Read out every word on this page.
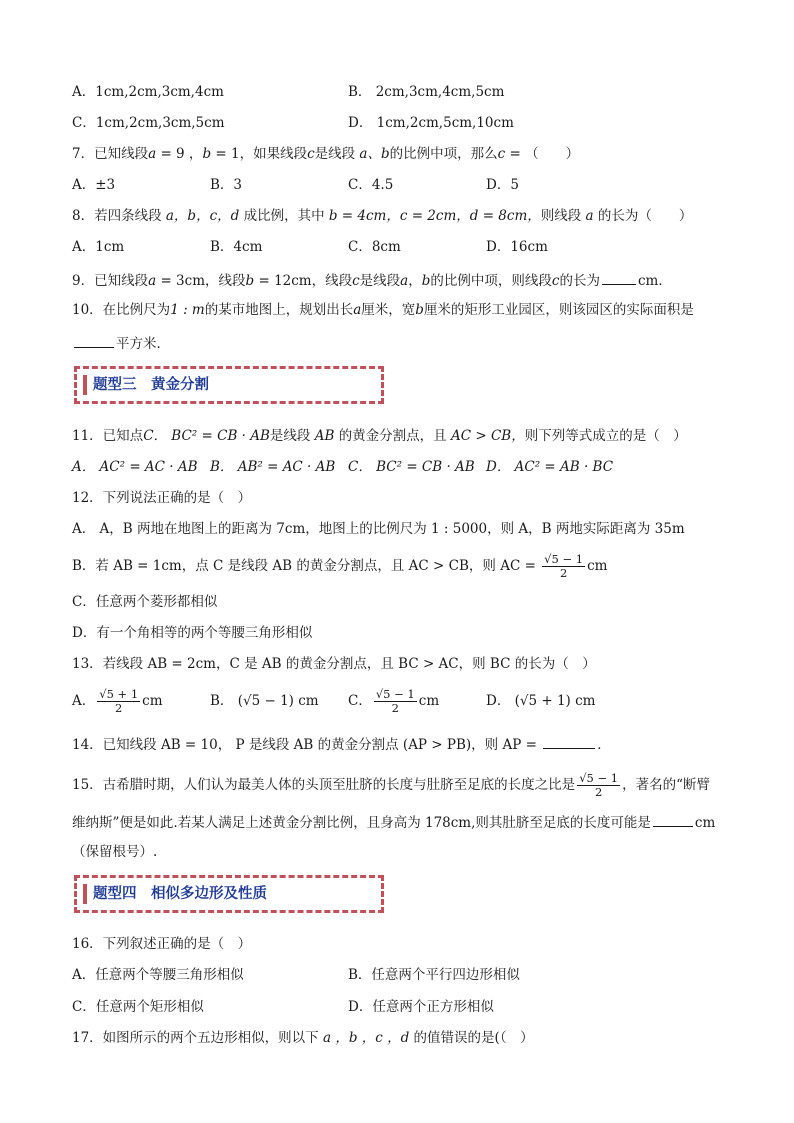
A．1cm,2cm,3cm,4cm	B． 2cm,3cm,4cm,5cm
C．1cm,2cm,3cm,5cm	D． 1cm,2cm,5cm,10cm
7．已知线段a = 9 ，b = 1，如果线段c是线段 a、b的比例中项，那么c = （　　）
A．±3	B．3	C．4.5	D．5
8．若四条线段 a，b，c，d 成比例，其中 b = 4cm，c = 2cm，d = 8cm，则线段 a 的长为（　　）
A．1cm	B．4cm	C．8cm	D．16cm
9．已知线段a = 3cm，线段b = 12cm，线段c是线段a，b的比例中项，则线段c的长为	cm．
10．在比例尺为1 : m的某市地图上，规划出长a厘米，宽b厘米的矩形工业园区，则该园区的实际面积是
平方米．
题型三　黄金分割
11．已知点C． BC² = CB · AB是线段 AB 的黄金分割点，且 AC > CB，则下列等式成立的是（　）
A． AC² = AC · AB B． AB² = AC · AB C． BC² = CB · AB D． AC² = AB · BC
12．下列说法正确的是（　）
A． A，B 两地在地图上的距离为 7cm，地图上的比例尺为 1 : 5000，则 A，B 两地实际距离为 35m
B．若 AB = 1cm，点 C 是线段 AB 的黄金分割点，且 AC > CB，则 AC = $\frac{√5 - 1}{2}$ cm
C．任意两个菱形都相似
D．有一个角相等的两个等腰三角形相似
13．若线段 AB = 2cm，C 是 AB 的黄金分割点，且 BC > AC，则 BC 的长为（　）
A． $\frac{√5 + 1}{2}$ cm	B． (√5 − 1) cm C． $\frac{√5 - 1}{2}$ cm	D． (√5 + 1) cm
14．已知线段 AB = 10， P 是线段 AB 的黄金分割点 (AP > PB)，则 AP =	．
15．古希腊时期，人们认为最美人体的头顶至肚脐的长度与肚脐至足底的长度之比是 $\frac{√5 - 1}{2}$ ，著名的“断臂
维纳斯”便是如此.若某人满足上述黄金分割比例，且身高为 178cm,则其肚脐至足底的长度可能是	cm
（保留根号）.
题型四　相似多边形及性质
16．下列叙述正确的是（　）
A．任意两个等腰三角形相似	B．任意两个平行四边形相似
C．任意两个矩形相似	D．任意两个正方形相似
17．如图所示的两个五边形相似，则以下 a ，b ，c ，d 的值错误的是(（　）
